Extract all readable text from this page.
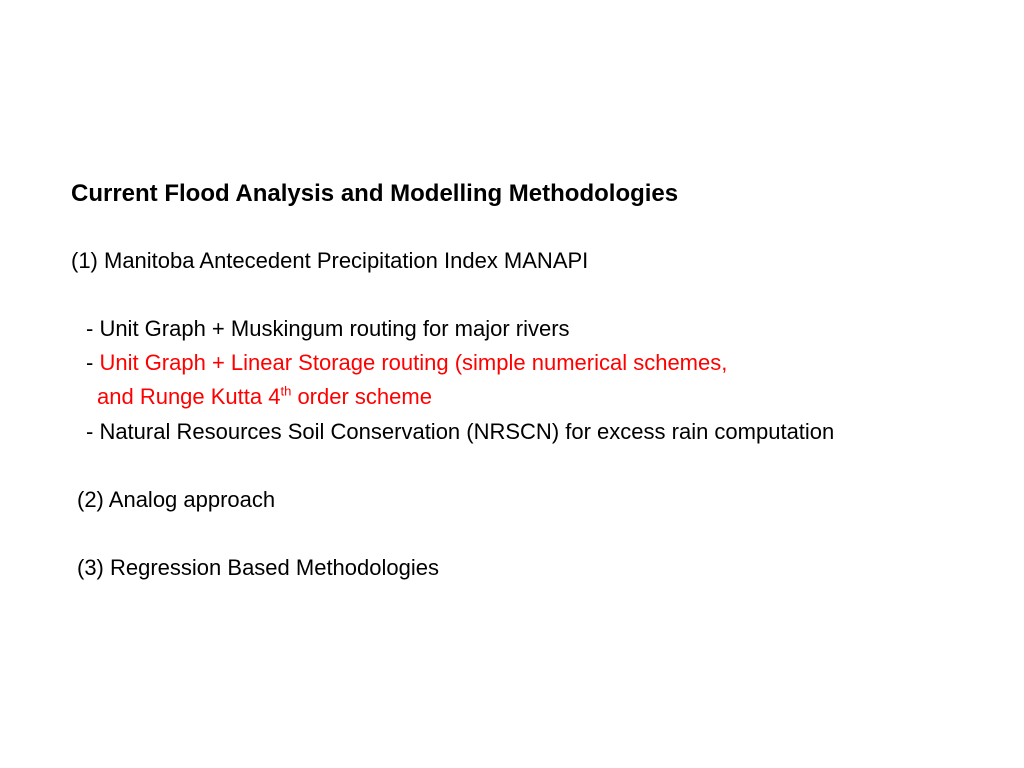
Current Flood Analysis and Modelling Methodologies
(1) Manitoba Antecedent Precipitation Index MANAPI
- Unit Graph + Muskingum routing for major rivers
- Unit Graph + Linear Storage routing (simple numerical schemes,
and Runge Kutta 4th order scheme
- Natural Resources Soil Conservation (NRSCN) for excess rain computation
(2) Analog approach
(3) Regression Based Methodologies
